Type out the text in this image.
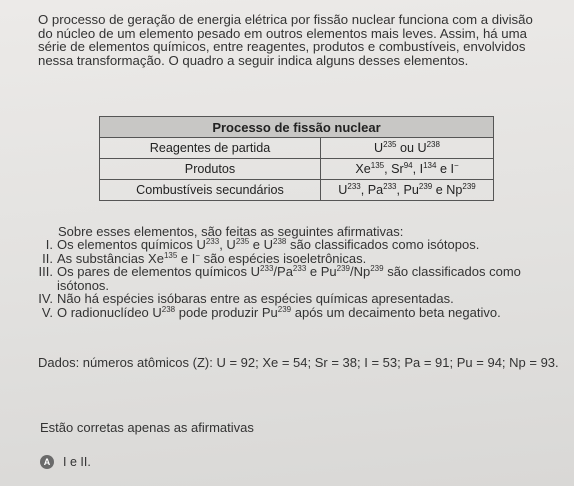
O processo de geração de energia elétrica por fissão nuclear funciona com a divisão

do núcleo de um elemento pesado em outros elementos mais leves. Assim, há uma

série de elementos químicos, entre reagentes, produtos e combustíveis, envolvidos

nessa transformação. O quadro a seguir indica alguns desses elementos.

Processo de fissão nuclear	
Reagentes de partida	$U^{235}$ ou $U^{238}$
Produtos	Xe$^{135}$, Sr$^{94}$, $I^{134}$ e I−
Combustíveis secundários	$U^{233}$, Pa$^{233}$, Pu$^{239}$ e Np$^{239}$
Sobre esses elementos, são feitas as seguintes afirmativas:
I. Os elementos químicos $U^{233}$, $U^{235}$ e $U^{238}$ são classificados como isótopos.
II. As substâncias Xe$^{135}$ e I− são espécies isoeletrônicas.
III. Os pares de elementos químicos $U^{233}/Pa^{233}$ e Pu$^{239}$/Np$^{239}$ são classificados como isótonos.
IV. Não há espécies isóbaras entre as espécies químicas apresentadas.
V. O radionuclídeo $U^{238}$ pode produzir Pu$^{239}$ após um decaimento beta negativo.
Dados: números atômicos (Z): U = 92; Xe = 54; Sr = 38; I = 53; Pa = 91; Pu = 94; Np = 93.
Estão corretas apenas as afirmativas
A	I e II.
